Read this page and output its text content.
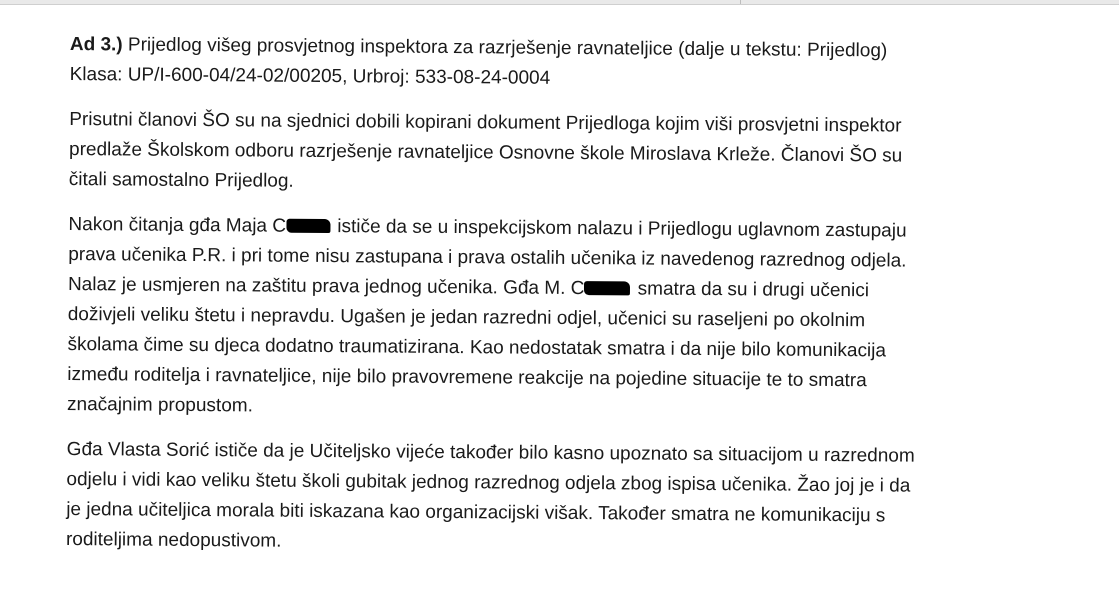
Ad 3.) Prijedlog višeg prosvjetnog inspektora za razrješenje ravnateljice (dalje u tekstu: Prijedlog)
Klasa: UP/I-600-04/24-02/00205, Urbroj: 533-08-24-0004
Prisutni članovi ŠO su na sjednici dobili kopirani dokument Prijedloga kojim viši prosvjetni inspektor
predlaže Školskom odboru razrješenje ravnateljice Osnovne škole Miroslava Krleže. Članovi ŠO su
čitali samostalno Prijedlog.
Nakon čitanja gđa Maja C ističe da se u inspekcijskom nalazu i Prijedlogu uglavnom zastupaju
prava učenika P.R. i pri tome nisu zastupana i prava ostalih učenika iz navedenog razrednog odjela.
Nalaz je usmjeren na zaštitu prava jednog učenika. Gđa M. C	smatra da su i drugi učenici
doživjeli veliku štetu i nepravdu. Ugašen je jedan razredni odjel, učenici su raseljeni po okolnim
školama čime su djeca dodatno traumatizirana. Kao nedostatak smatra i da nije bilo komunikacija
između roditelja i ravnateljice, nije bilo pravovremene reakcije na pojedine situacije te to smatra
značajnim propustom.
Gđa Vlasta Sorić ističe da je Učiteljsko vijeće također bilo kasno upoznato sa situacijom u razrednom
odjelu i vidi kao veliku štetu školi gubitak jednog razrednog odjela zbog ispisa učenika. Žao joj je i da
je jedna učiteljica morala biti iskazana kao organizacijski višak. Također smatra ne komunikaciju s
roditeljima nedopustivom.
